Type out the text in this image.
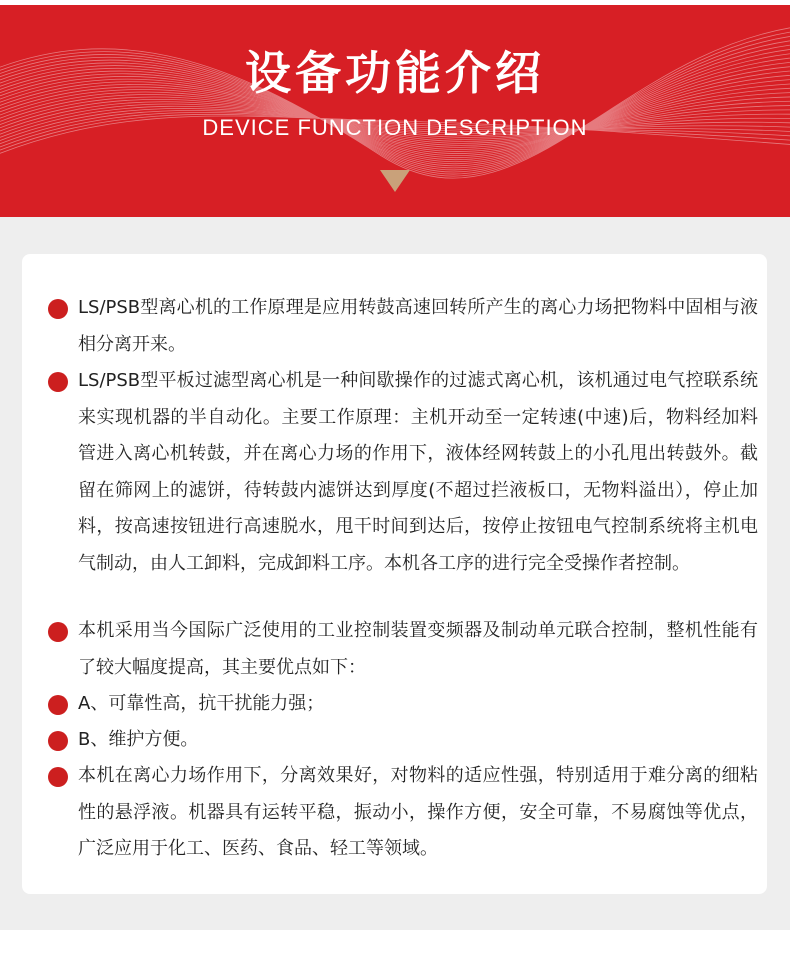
设备功能介绍
DEVICE FUNCTION DESCRIPTION
LS/PSB型离心机的工作原理是应用转鼓高速回转所产生的离心力场把物料中固相与液相分离开来。
LS/PSB型平板过滤型离心机是一种间歇操作的过滤式离心机，该机通过电气控联系统来实现机器的半自动化。主要工作原理：主机开动至一定转速(中速)后，物料经加料管进入离心机转鼓，并在离心力场的作用下，液体经网转鼓上的小孔甩出转鼓外。截留在筛网上的滤饼，待转鼓内滤饼达到厚度(不超过拦液板口，无物料溢出），停止加料，按高速按钮进行高速脱水，甩干时间到达后，按停止按钮电气控制系统将主机电气制动，由人工卸料，完成卸料工序。本机各工序的进行完全受操作者控制。
本机采用当今国际广泛使用的工业控制装置变频器及制动单元联合控制，整机性能有了较大幅度提高，其主要优点如下：
A、可靠性高，抗干扰能力强；
B、维护方便。
本机在离心力场作用下，分离效果好，对物料的适应性强，特别适用于难分离的细粘性的悬浮液。机器具有运转平稳，振动小，操作方便，安全可靠，不易腐蚀等优点，广泛应用于化工、医药、食品、轻工等领域。
